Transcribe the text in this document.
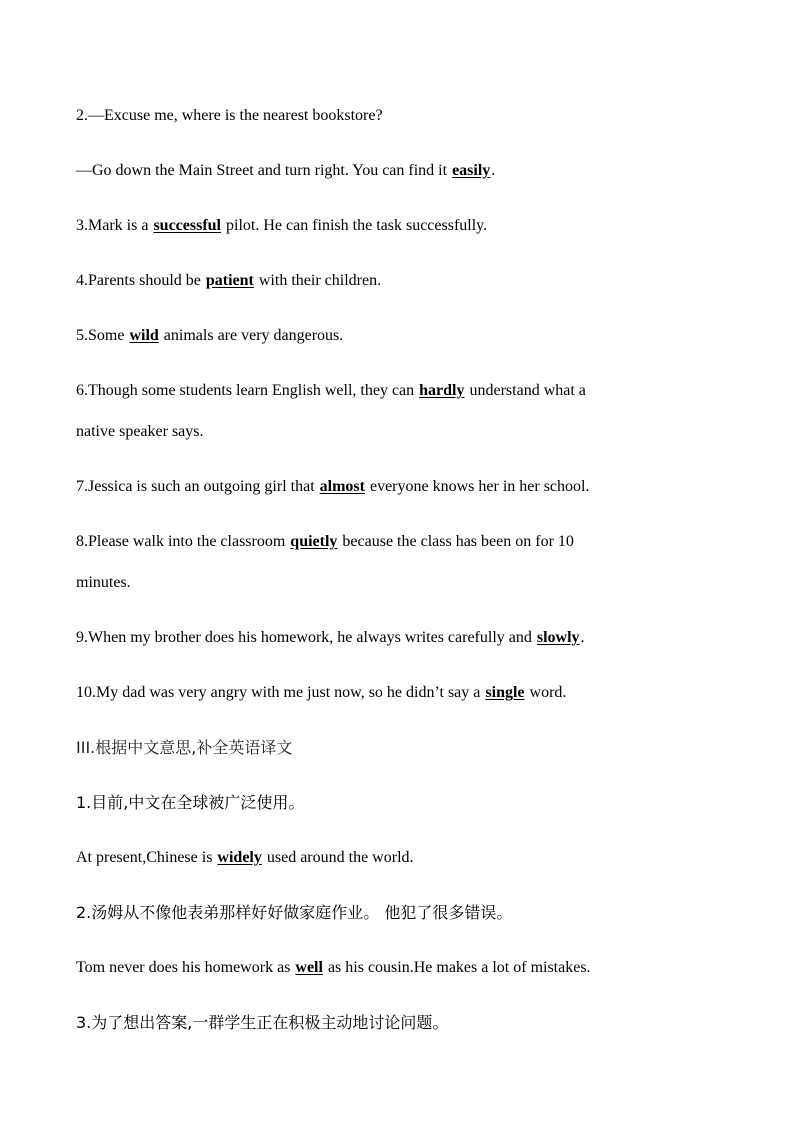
2.—Excuse me, where is the nearest bookstore?
—Go down the Main Street and turn right. You can find it easily.
3.Mark is a successful pilot. He can finish the task successfully.
4.Parents should be patient with their children.
5.Some wild animals are very dangerous.
6.Though some students learn English well, they can hardly understand what a
native speaker says.
7.Jessica is such an outgoing girl that almost everyone knows her in her school.
8.Please walk into the classroom quietly because the class has been on for 10
minutes.
9.When my brother does his homework, he always writes carefully and slowly.
10.My dad was very angry with me just now, so he didn’t say a single word.
III.根据中文意思,补全英语译文
1.目前,中文在全球被广泛使用。
At present,Chinese is widely used around the world.
2.汤姆从不像他表弟那样好好做家庭作业。 他犯了很多错误。
Tom never does his homework as well as his cousin.He makes a lot of mistakes.
3.为了想出答案,一群学生正在积极主动地讨论问题。
